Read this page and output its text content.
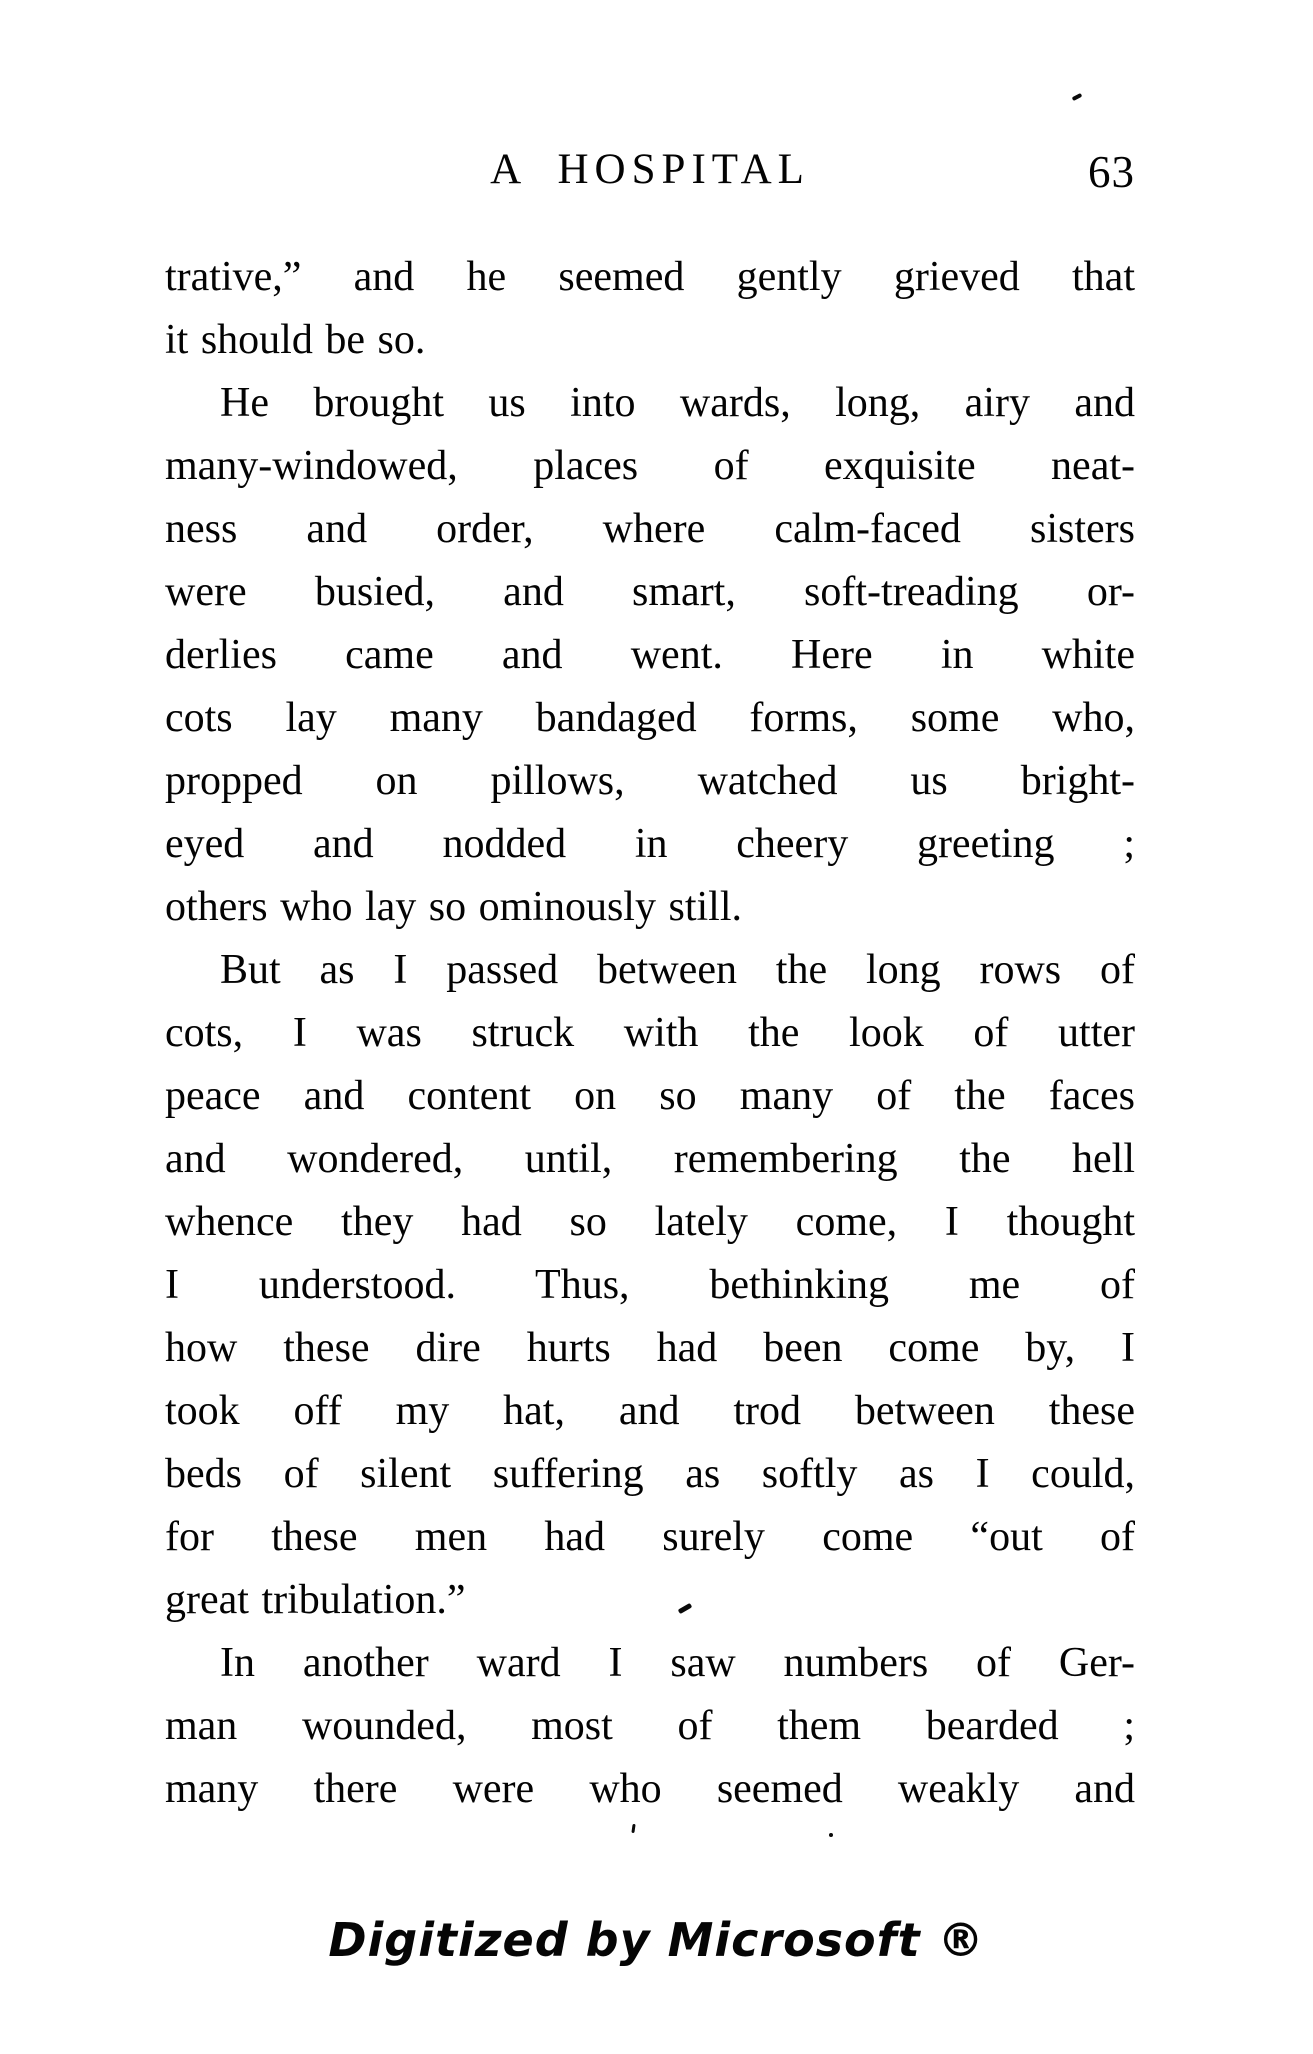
A HOSPITAL	63
trative,” and he seemed gently grieved that
it should be so.
He brought us into wards, long, airy and
many-windowed, places of exquisite neat-
ness and order, where calm-faced sisters
were busied, and smart, soft-treading or-
derlies came and went. Here in white
cots lay many bandaged forms, some who,
propped on pillows, watched us bright-
eyed and nodded in cheery greeting ;
others who lay so ominously still.
But as I passed between the long rows of
cots, I was struck with the look of utter
peace and content on so many of the faces
and wondered, until, remembering the hell
whence they had so lately come, I thought
I understood. Thus, bethinking me of
how these dire hurts had been come by, I
took off my hat, and trod between these
beds of silent suffering as softly as I could,
for these men had surely come “out of
great tribulation.”
In another ward I saw numbers of Ger-
man wounded, most of them bearded ;
many there were who seemed weakly and
Digitized by Microsoft ®
